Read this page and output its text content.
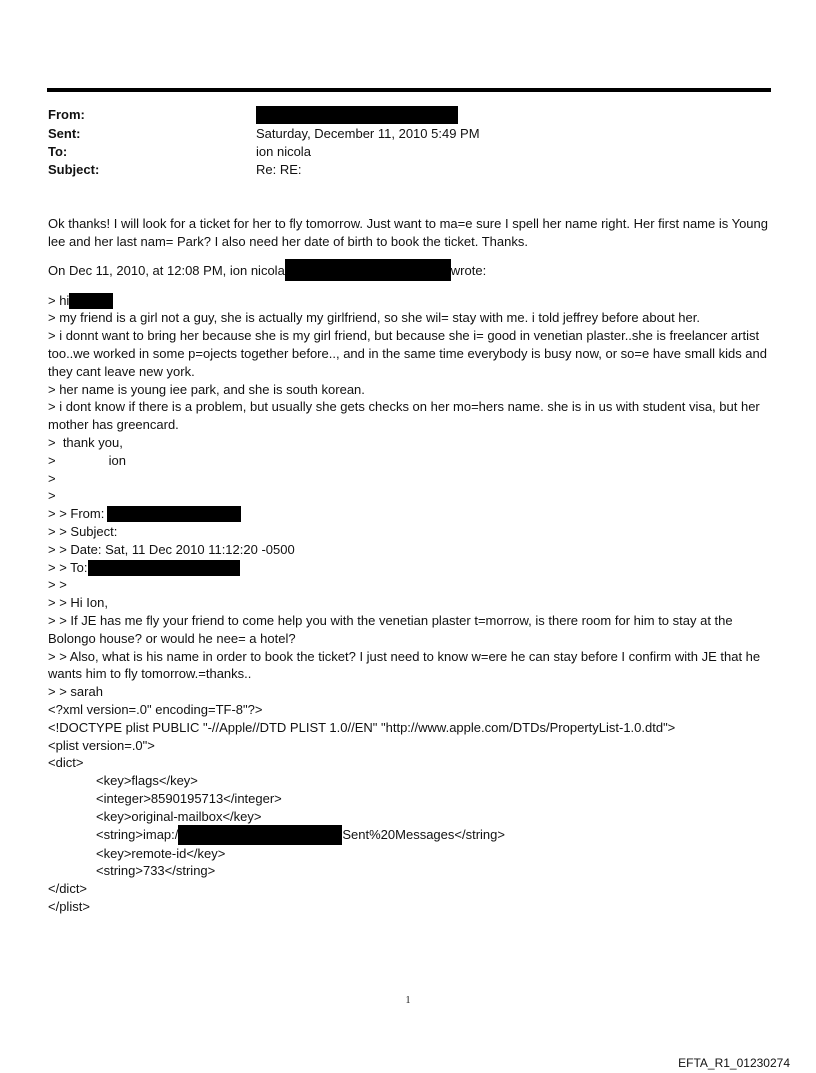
From:
Sent:	Saturday, December 11, 2010 5:49 PM
To:	ion nicola
Subject:	Re: RE:
Ok thanks! I will look for a ticket for her to fly tomorrow. Just want to ma=e sure I spell her name right. Her first name is Young lee and her last nam= Park? I also need her date of birth to book the ticket. Thanks.
On Dec 11, 2010, at 12:08 PM, ion nicola	wrote:
> hi
> my friend is a girl not a guy, she is actually my girlfriend, so she wil= stay with me. i told jeffrey before about her.
> i donnt want to bring her because she is my girl friend, but because she i= good in venetian plaster..she is freelancer artist too..we worked in some p=ojects together before.., and in the same time everybody is busy now, or so=e have small kids and they cant leave new york.
> her name is young iee park, and she is south korean.
> i dont know if there is a problem, but usually she gets checks on her mo=hers name. she is in us with student visa, but her mother has greencard.
>  thank you,
>	ion
>
>
> > From:
> > Subject:
> > Date: Sat, 11 Dec 2010 11:12:20 -0500
> > To:
> >
> > Hi Ion,
> > If JE has me fly your friend to come help you with the venetian plaster t=morrow, is there room for him to stay at the Bolongo house? or would he nee= a hotel?
> > Also, what is his name in order to book the ticket? I just need to know w=ere he can stay before I confirm with JE that he wants him to fly tomorrow.=thanks..
> > sarah
<?xml version=.0" encoding=TF-8"?>
<!DOCTYPE plist PUBLIC "-//Apple//DTD PLIST 1.0//EN" "http://www.apple.com/DTDs/PropertyList-1.0.dtd">
<plist version=.0">
<dict>
<key>flags</key>
<integer>8590195713</integer>
<key>original-mailbox</key>
<string>imap:/	Sent%20Messages</string>
<key>remote-id</key>
<string>733</string>
</dict>
</plist>
1
EFTA_R1_01230274
